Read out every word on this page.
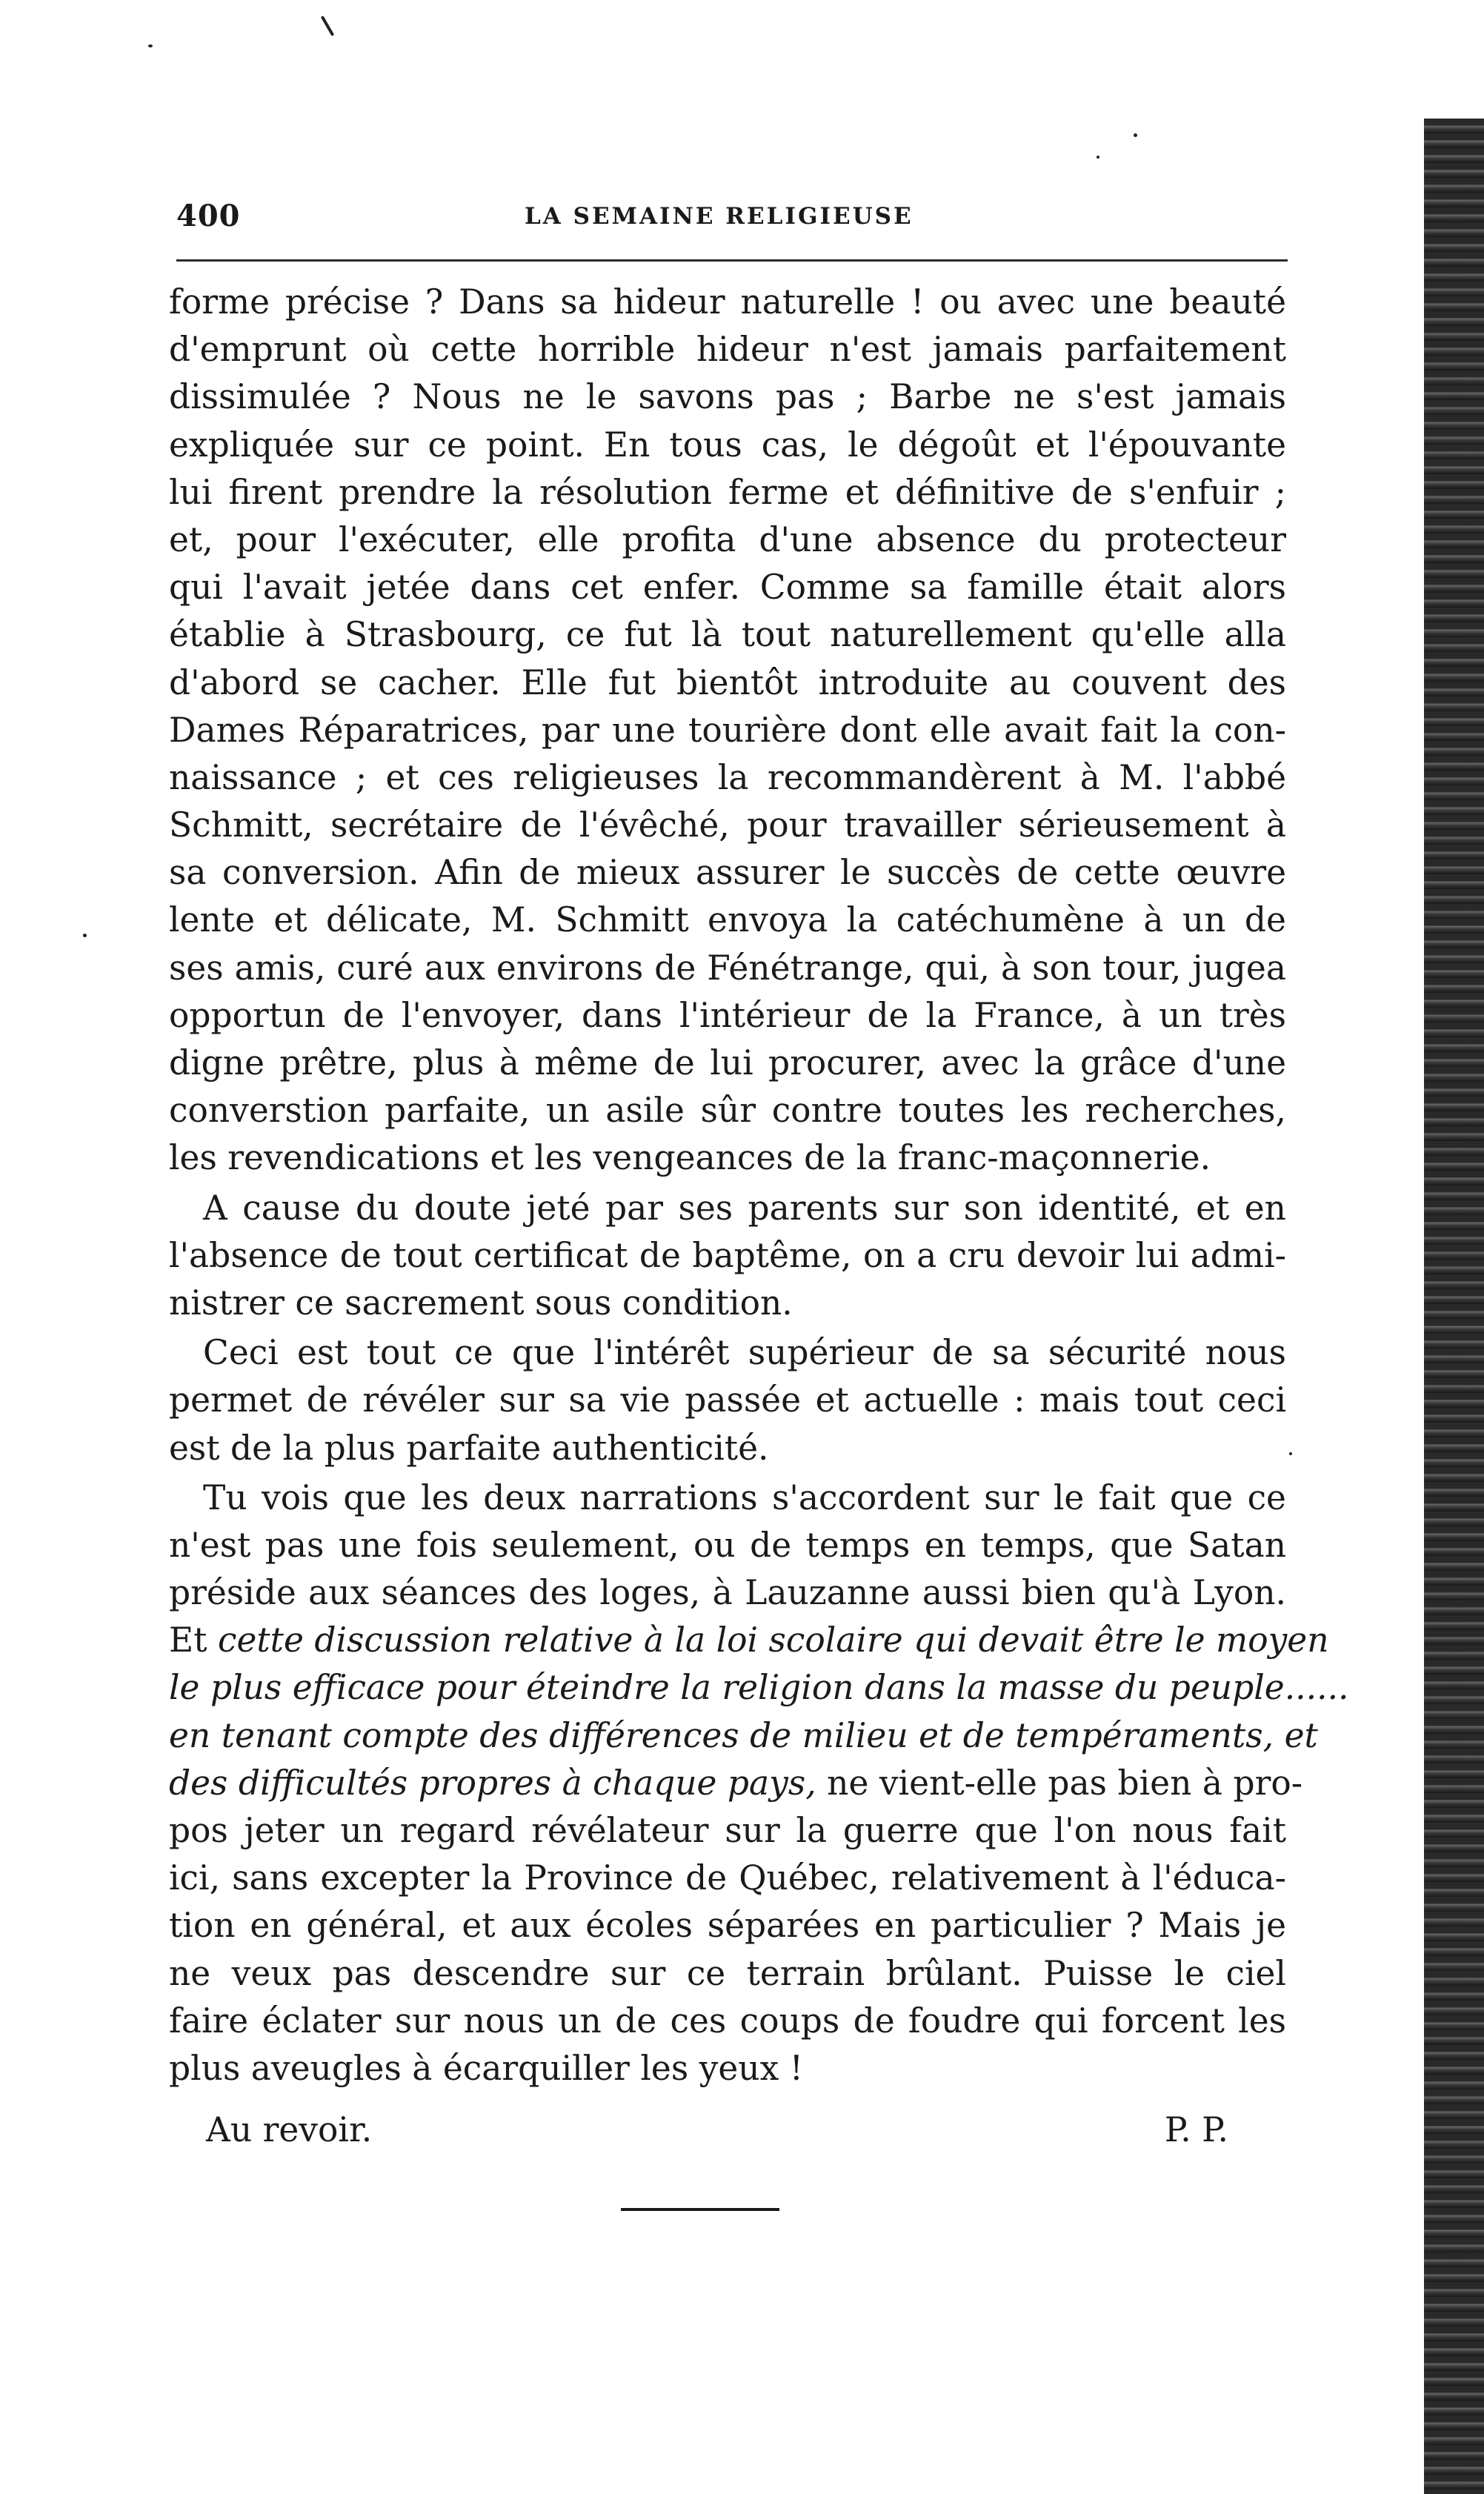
400	LA SEMAINE RELIGIEUSE
forme précise ? Dans sa hideur naturelle ! ou avec une beauté
d'emprunt où cette horrible hideur n'est jamais parfaitement
dissimulée ? Nous ne le savons pas ; Barbe ne s'est jamais
expliquée sur ce point. En tous cas, le dégoût et l'épouvante
lui firent prendre la résolution ferme et définitive de s'enfuir ;
et, pour l'exécuter, elle profita d'une absence du protecteur
qui l'avait jetée dans cet enfer. Comme sa famille était alors
établie à Strasbourg, ce fut là tout naturellement qu'elle alla
d'abord se cacher. Elle fut bientôt introduite au couvent des
Dames Réparatrices, par une tourière dont elle avait fait la con-
naissance ; et ces religieuses la recommandèrent à M. l'abbé
Schmitt, secrétaire de l'évêché, pour travailler sérieusement à
sa conversion. Afin de mieux assurer le succès de cette œuvre
lente et délicate, M. Schmitt envoya la catéchumène à un de
ses amis, curé aux environs de Fénétrange, qui, à son tour, jugea
opportun de l'envoyer, dans l'intérieur de la France, à un très
digne prêtre, plus à même de lui procurer, avec la grâce d'une
converstion parfaite, un asile sûr contre toutes les recherches,
les revendications et les vengeances de la franc-maçonnerie.
A cause du doute jeté par ses parents sur son identité, et en
l'absence de tout certificat de baptême, on a cru devoir lui admi-
nistrer ce sacrement sous condition.
Ceci est tout ce que l'intérêt supérieur de sa sécurité nous
permet de révéler sur sa vie passée et actuelle : mais tout ceci
est de la plus parfaite authenticité.
Tu vois que les deux narrations s'accordent sur le fait que ce
n'est pas une fois seulement, ou de temps en temps, que Satan
préside aux séances des loges, à Lauzanne aussi bien qu'à Lyon.
Et cette discussion relative à la loi scolaire qui devait être le moyen
le plus efficace pour éteindre la religion dans la masse du peuple......
en tenant compte des différences de milieu et de tempéraments, et
des difficultés propres à chaque pays, ne vient-elle pas bien à pro-
pos jeter un regard révélateur sur la guerre que l'on nous fait
ici, sans excepter la Province de Québec, relativement à l'éduca-
tion en général, et aux écoles séparées en particulier ? Mais je
ne veux pas descendre sur ce terrain brûlant. Puisse le ciel
faire éclater sur nous un de ces coups de foudre qui forcent les
plus aveugles à écarquiller les yeux !
Au revoir.	P. P.
